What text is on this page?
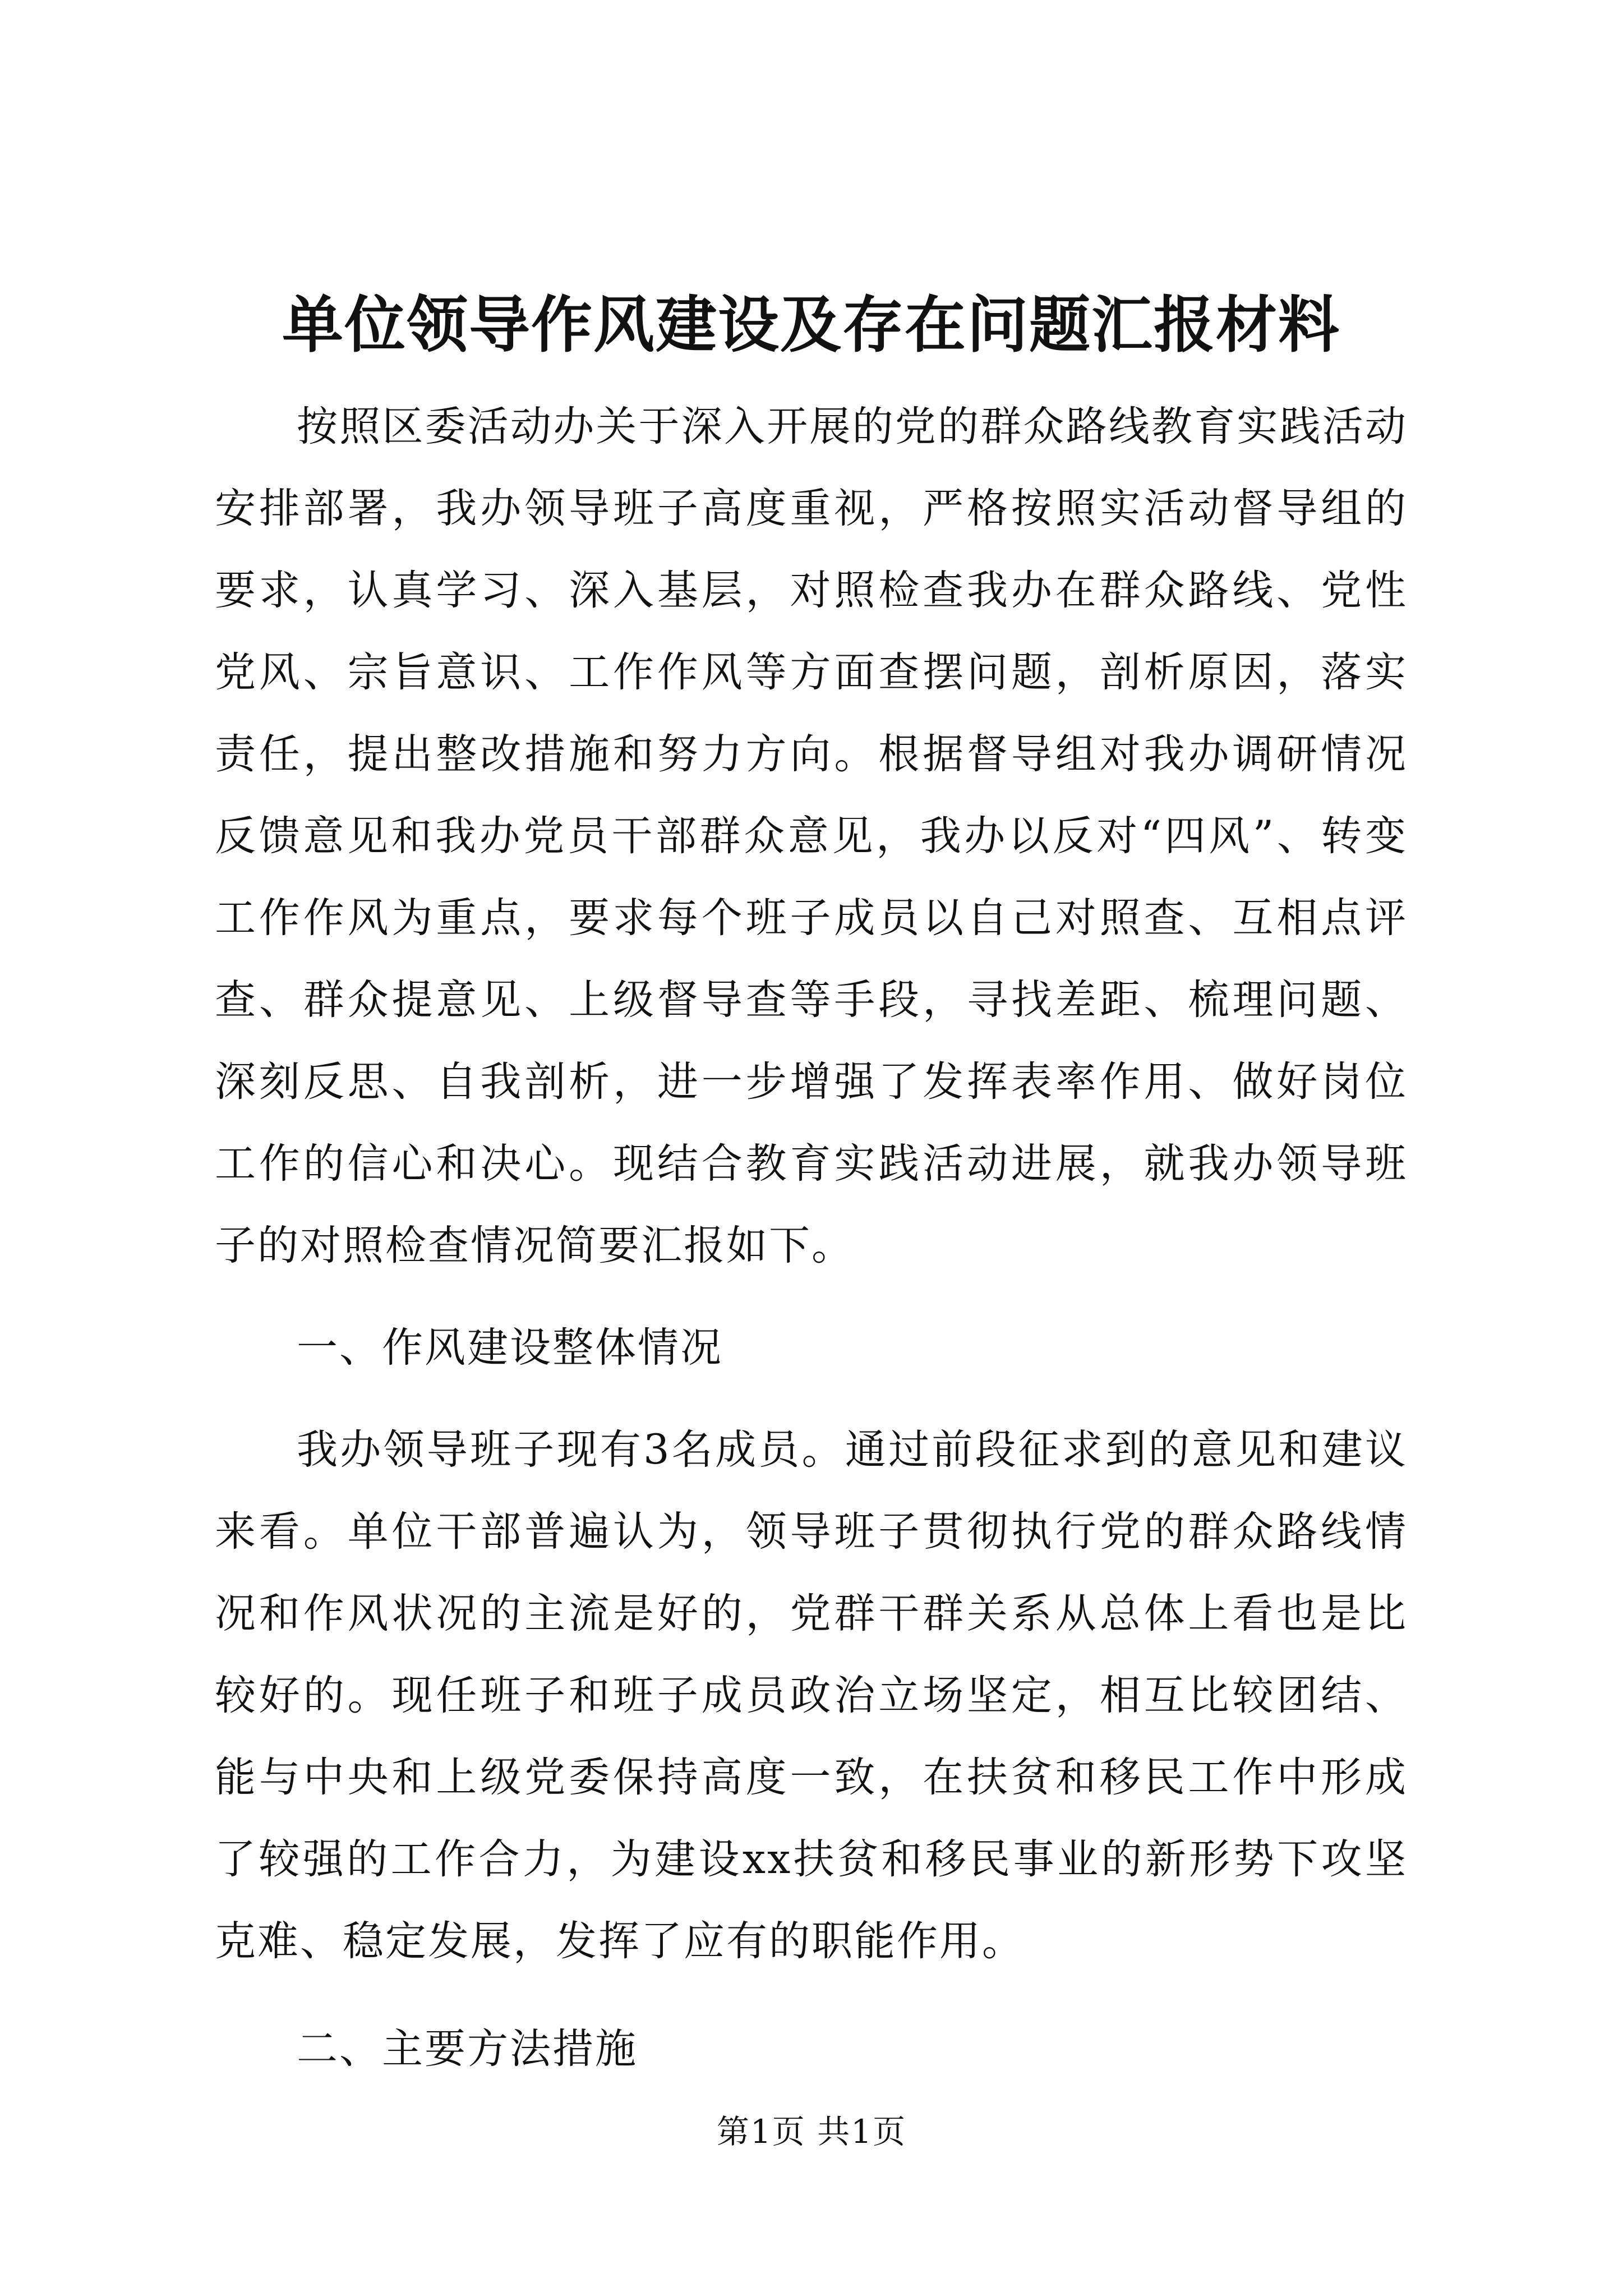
单位领导作风建设及存在问题汇报材料

按照区委活动办关于深入开展的党的群众路线教育实践活动安排部署，我办领导班子高度重视，严格按照实活动督导组的要求，认真学习、深入基层，对照检查我办在群众路线、党性党风、宗旨意识、工作作风等方面查摆问题，剖析原因，落实责任，提出整改措施和努力方向。根据督导组对我办调研情况反馈意见和我办党员干部群众意见，我办以反对“四风”、转变工作作风为重点，要求每个班子成员以自己对照查、互相点评查、群众提意见、上级督导查等手段，寻找差距、梳理问题、深刻反思、自我剖析，进一步增强了发挥表率作用、做好岗位工作的信心和决心。现结合教育实践活动进展，就我办领导班子的对照检查情况简要汇报如下。

一、作风建设整体情况

我办领导班子现有3名成员。通过前段征求到的意见和建议来看。单位干部普遍认为，领导班子贯彻执行党的群众路线情况和作风状况的主流是好的，党群干群关系从总体上看也是比较好的。现任班子和班子成员政治立场坚定，相互比较团结、能与中央和上级党委保持高度一致，在扶贫和移民工作中形成了较强的工作合力，为建设xx扶贫和移民事业的新形势下攻坚克难、稳定发展，发挥了应有的职能作用。

二、主要方法措施

第1页 共1页
